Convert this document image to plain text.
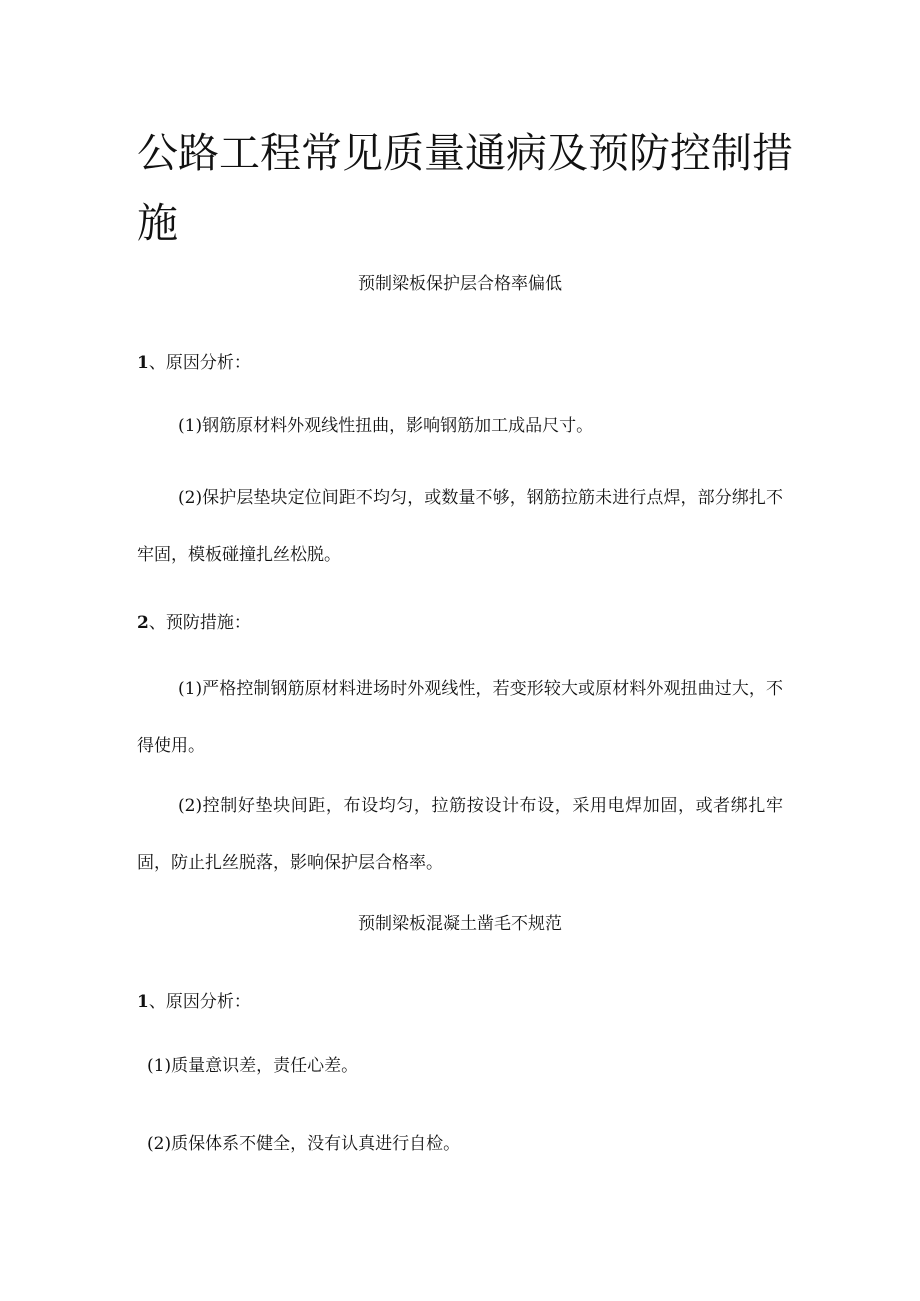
公路工程常见质量通病及预防控制措施
预制梁板保护层合格率偏低
1、原因分析：

(1)钢筋原材料外观线性扭曲，影响钢筋加工成品尺寸。

(2)保护层垫块定位间距不均匀，或数量不够，钢筋拉筋未进行点焊，部分绑扎不牢固，模板碰撞扎丝松脱。

2、预防措施：

(1)严格控制钢筋原材料进场时外观线性，若变形较大或原材料外观扭曲过大，不得使用。

(2)控制好垫块间距，布设均匀，拉筋按设计布设，采用电焊加固，或者绑扎牢固，防止扎丝脱落，影响保护层合格率。

预制梁板混凝土凿毛不规范
1、原因分析：

(1)质量意识差，责任心差。

(2)质保体系不健全，没有认真进行自检。
